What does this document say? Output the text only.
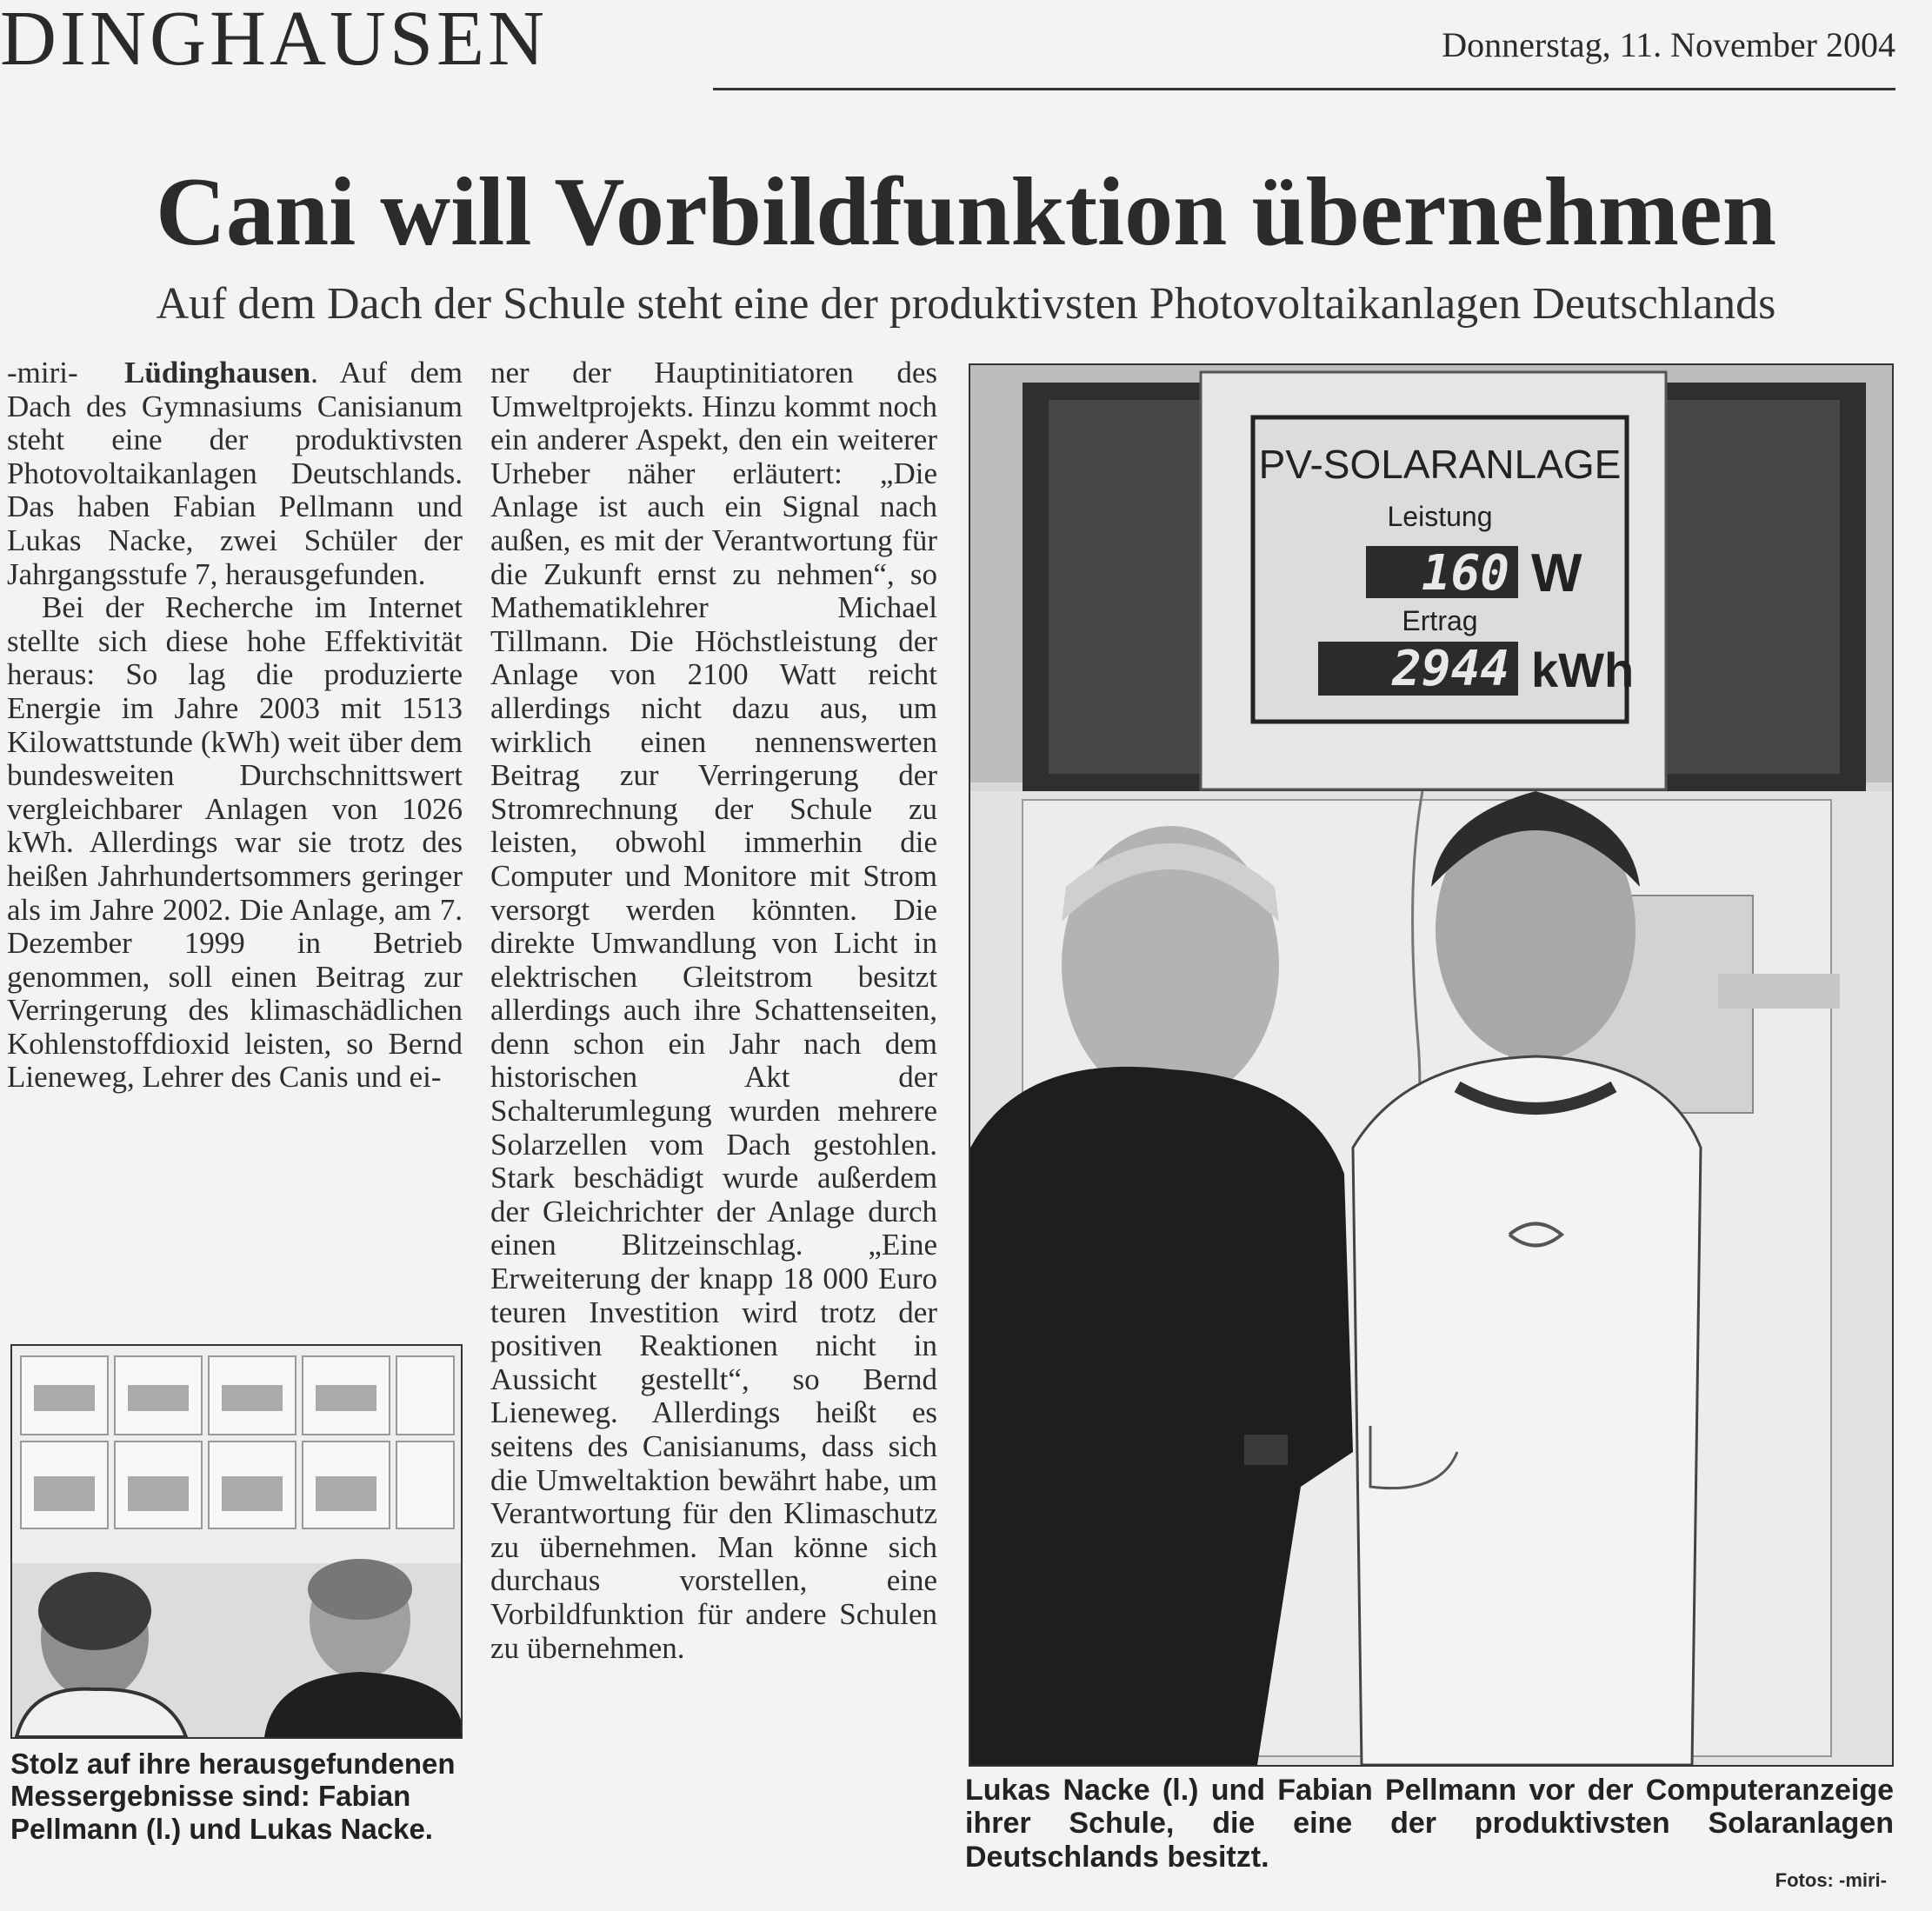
DINGHAUSEN	Donnerstag, 11. November 2004
Cani will Vorbildfunktion übernehmen
Auf dem Dach der Schule steht eine der produktivsten Photovoltaikanlagen Deutschlands

-miri- Lüdinghausen. Auf dem Dach des Gymnasiums Canisianum steht eine der produktivsten Photovoltaikanlagen Deutschlands. Das haben Fabian Pellmann und Lukas Nacke, zwei Schüler der Jahrgangsstufe 7, herausgefunden.

Bei der Recherche im Internet stellte sich diese hohe Effektivität heraus: So lag die produzierte Energie im Jahre 2003 mit 1513 Kilowattstunde (kWh) weit über dem bundesweiten Durchschnittswert vergleichbarer Anlagen von 1026 kWh. Allerdings war sie trotz des heißen Jahrhundertsommers geringer als im Jahre 2002. Die Anlage, am 7. Dezember 1999 in Betrieb genommen, soll einen Beitrag zur Verringerung des klimaschädlichen Kohlenstoffdioxid leisten, so Bernd Lieneweg, Lehrer des Canis und ei-

ner der Hauptinitiatoren des Umweltprojekts. Hinzu kommt noch ein anderer Aspekt, den ein weiterer Urheber näher erläutert: „Die Anlage ist auch ein Signal nach außen, es mit der Verantwortung für die Zukunft ernst zu nehmen“, so Mathematiklehrer Michael Tillmann. Die Höchstleistung der Anlage von 2100 Watt reicht allerdings nicht dazu aus, um wirklich einen nennenswerten Beitrag zur Verringerung der Stromrechnung der Schule zu leisten, obwohl immerhin die Computer und Monitore mit Strom versorgt werden könnten. Die direkte Umwandlung von Licht in elektrischen Gleitstrom besitzt allerdings auch ihre Schattenseiten, denn schon ein Jahr nach dem historischen Akt der Schalterumlegung wurden mehrere Solarzellen vom Dach gestohlen. Stark beschädigt wurde außerdem der Gleichrichter der Anlage durch einen Blitzeinschlag. „Eine Erweiterung der knapp 18 000 Euro teuren Investition wird trotz der positiven Reaktionen nicht in Aussicht gestellt“, so Bernd Lieneweg. Allerdings heißt es seitens des Canisianums, dass sich die Umweltaktion bewährt habe, um Verantwortung für den Klimaschutz zu übernehmen. Man könne sich durchaus vorstellen, eine Vorbildfunktion für andere Schulen zu übernehmen.

Stolz auf ihre herausgefundenen Messergebnisse sind: Fabian Pellmann (l.) und Lukas Nacke.
PV-SOLARANLAGE
Leistung
160 W
Ertrag
2944 kWh
Lukas Nacke (l.) und Fabian Pellmann vor der Computeranzeige ihrer Schule, die eine der produktivsten Solaranlagen Deutschlands besitzt.
Fotos: -miri-
